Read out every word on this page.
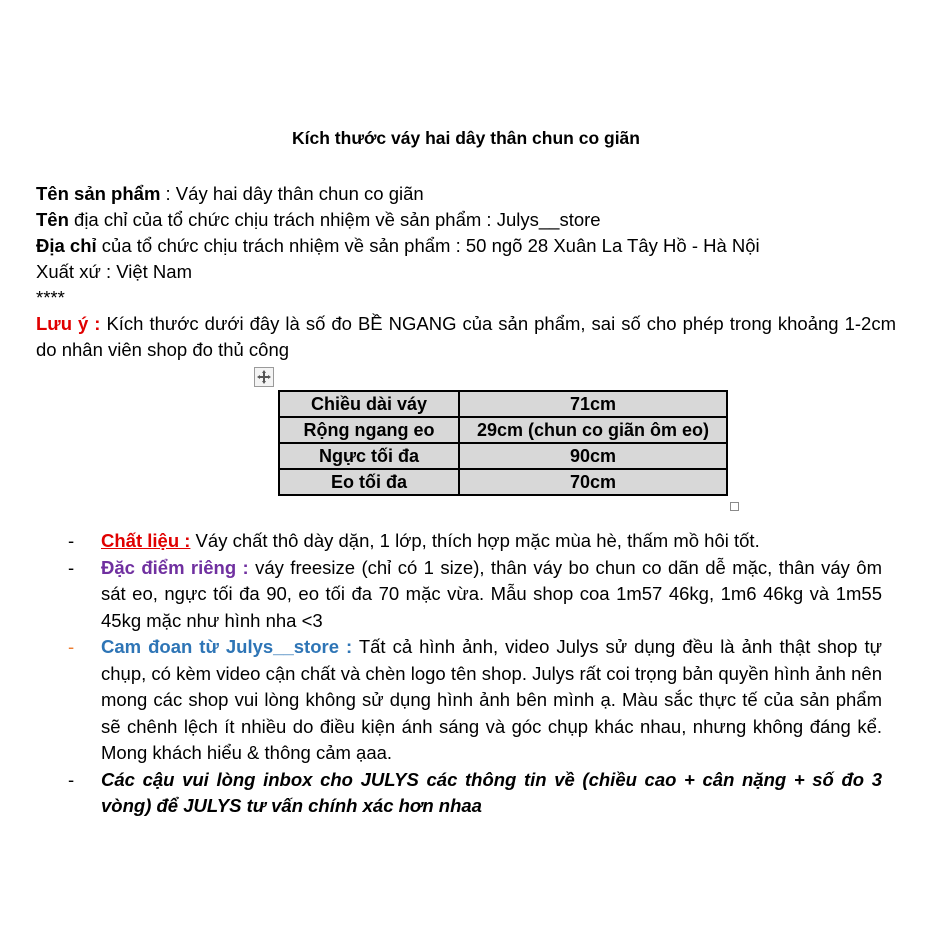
Kích thước váy hai dây thân chun co giãn
Tên sản phẩm : Váy hai dây thân chun co giãn
Tên địa chỉ của tổ chức chịu trách nhiệm về sản phẩm : Julys__store
Địa chỉ của tổ chức chịu trách nhiệm về sản phẩm : 50 ngõ 28 Xuân La Tây Hồ - Hà Nội
Xuất xứ : Việt Nam
****
Lưu ý : Kích thước dưới đây là số đo BỀ NGANG của sản phẩm, sai số cho phép trong khoảng 1-2cm do nhân viên shop đo thủ công
Chiều dài váy	71cm
Rộng ngang eo	29cm (chun co giãn ôm eo)
Ngực tối đa	90cm
Eo tối đa	70cm
- Chất liệu : Váy chất thô dày dặn, 1 lớp, thích hợp mặc mùa hè, thấm mồ hôi tốt.
- Đặc điểm riêng : váy freesize (chỉ có 1 size), thân váy bo chun co dãn dễ mặc, thân váy ôm sát eo, ngực tối đa 90, eo tối đa 70 mặc vừa. Mẫu shop coa 1m57 46kg, 1m6 46kg và 1m55 45kg mặc như hình nha <3
- Cam đoan từ Julys__store : Tất cả hình ảnh, video Julys sử dụng đều là ảnh thật shop tự chụp, có kèm video cận chất và chèn logo tên shop. Julys rất coi trọng bản quyền hình ảnh nên mong các shop vui lòng không sử dụng hình ảnh bên mình ạ. Màu sắc thực tế của sản phẩm sẽ chênh lệch ít nhiều do điều kiện ánh sáng và góc chụp khác nhau, nhưng không đáng kể. Mong khách hiểu & thông cảm ạaa.
- Các cậu vui lòng inbox cho JULYS các thông tin về (chiều cao + cân nặng + số đo 3 vòng) để JULYS tư vấn chính xác hơn nhaa
